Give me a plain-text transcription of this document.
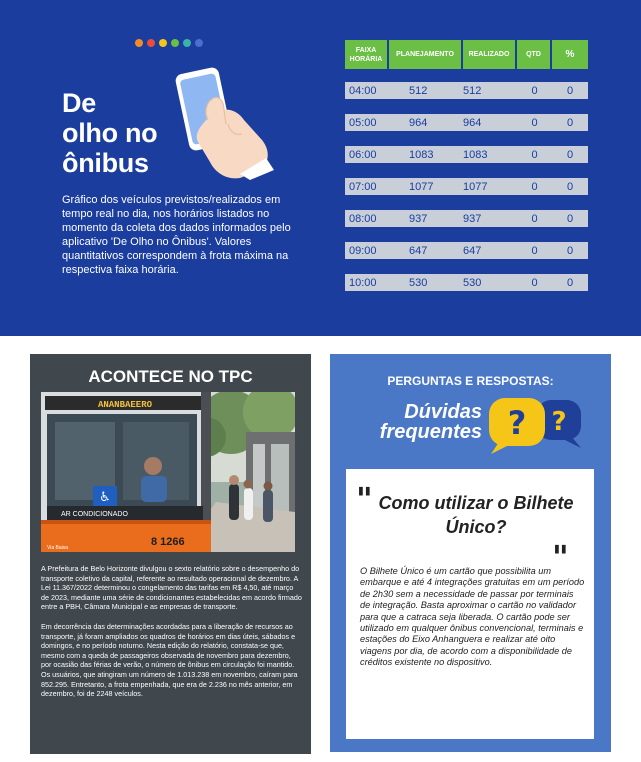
De
olho no
ônibus

Gráfico dos veículos previstos/realizados em tempo real no dia, nos horários listados no momento da coleta dos dados informados pelo aplicativo 'De Olho no Ônibus'. Valores quantitativos correspondem à frota máxima na respectiva faixa horária.

FAIXA HORÁRIA	PLANEJAMENTO	REALIZADO	QTD	%

04:00	512	512	0	0

05:00	964	964	0	0

06:00	1083	1083	0	0

07:00	1077	1077	0	0

08:00	937	937	0	0

09:00	647	647	0	0

10:00	530	530	0	0
ACONTECE NO TPC
ANANBAEERO
♿
AR CONDICIONADO
8 1266
Via Baixa

A Prefeitura de Belo Horizonte divulgou o sexto relatório sobre o desempenho do transporte coletivo da capital, referente ao resultado operacional de dezembro. A Lei 11.367/2022 determinou o congelamento das tarifas em R$ 4,50, até março de 2023, mediante uma série de condicionantes estabelecidas em acordo firmado entre a PBH, Câmara Municipal e as empresas de transporte.

Em decorrência das determinações acordadas para a liberação de recursos ao transporte, já foram ampliados os quadros de horários em dias úteis, sábados e domingos, e no período noturno. Nesta edição do relatório, constata-se que, mesmo com a queda de passageiros observada de novembro para dezembro, por ocasião das férias de verão, o número de ônibus em circulação foi mantido. Os usuários, que atingiram um número de 1.013.238 em novembro, caíram para 852.295. Entretanto, a frota empenhada, que era de 2.236 no mês anterior, em dezembro, foi de 2248 veículos.

PERGUNTAS E RESPOSTAS:
Dúvidas
frequentes	?
?
" Como utilizar o Bilhete Único?
"

O Bilhete Único é um cartão que possibilita um embarque e até 4 integrações gratuitas em um período de 2h30 sem a necessidade de passar por terminais de integração. Basta aproximar o cartão no validador para que a catraca seja liberada. O cartão pode ser utilizado em qualquer ônibus convencional, terminais e estações do Eixo Anhanguera e realizar até oito viagens por dia, de acordo com a disponibilidade de créditos existente no dispositivo.
